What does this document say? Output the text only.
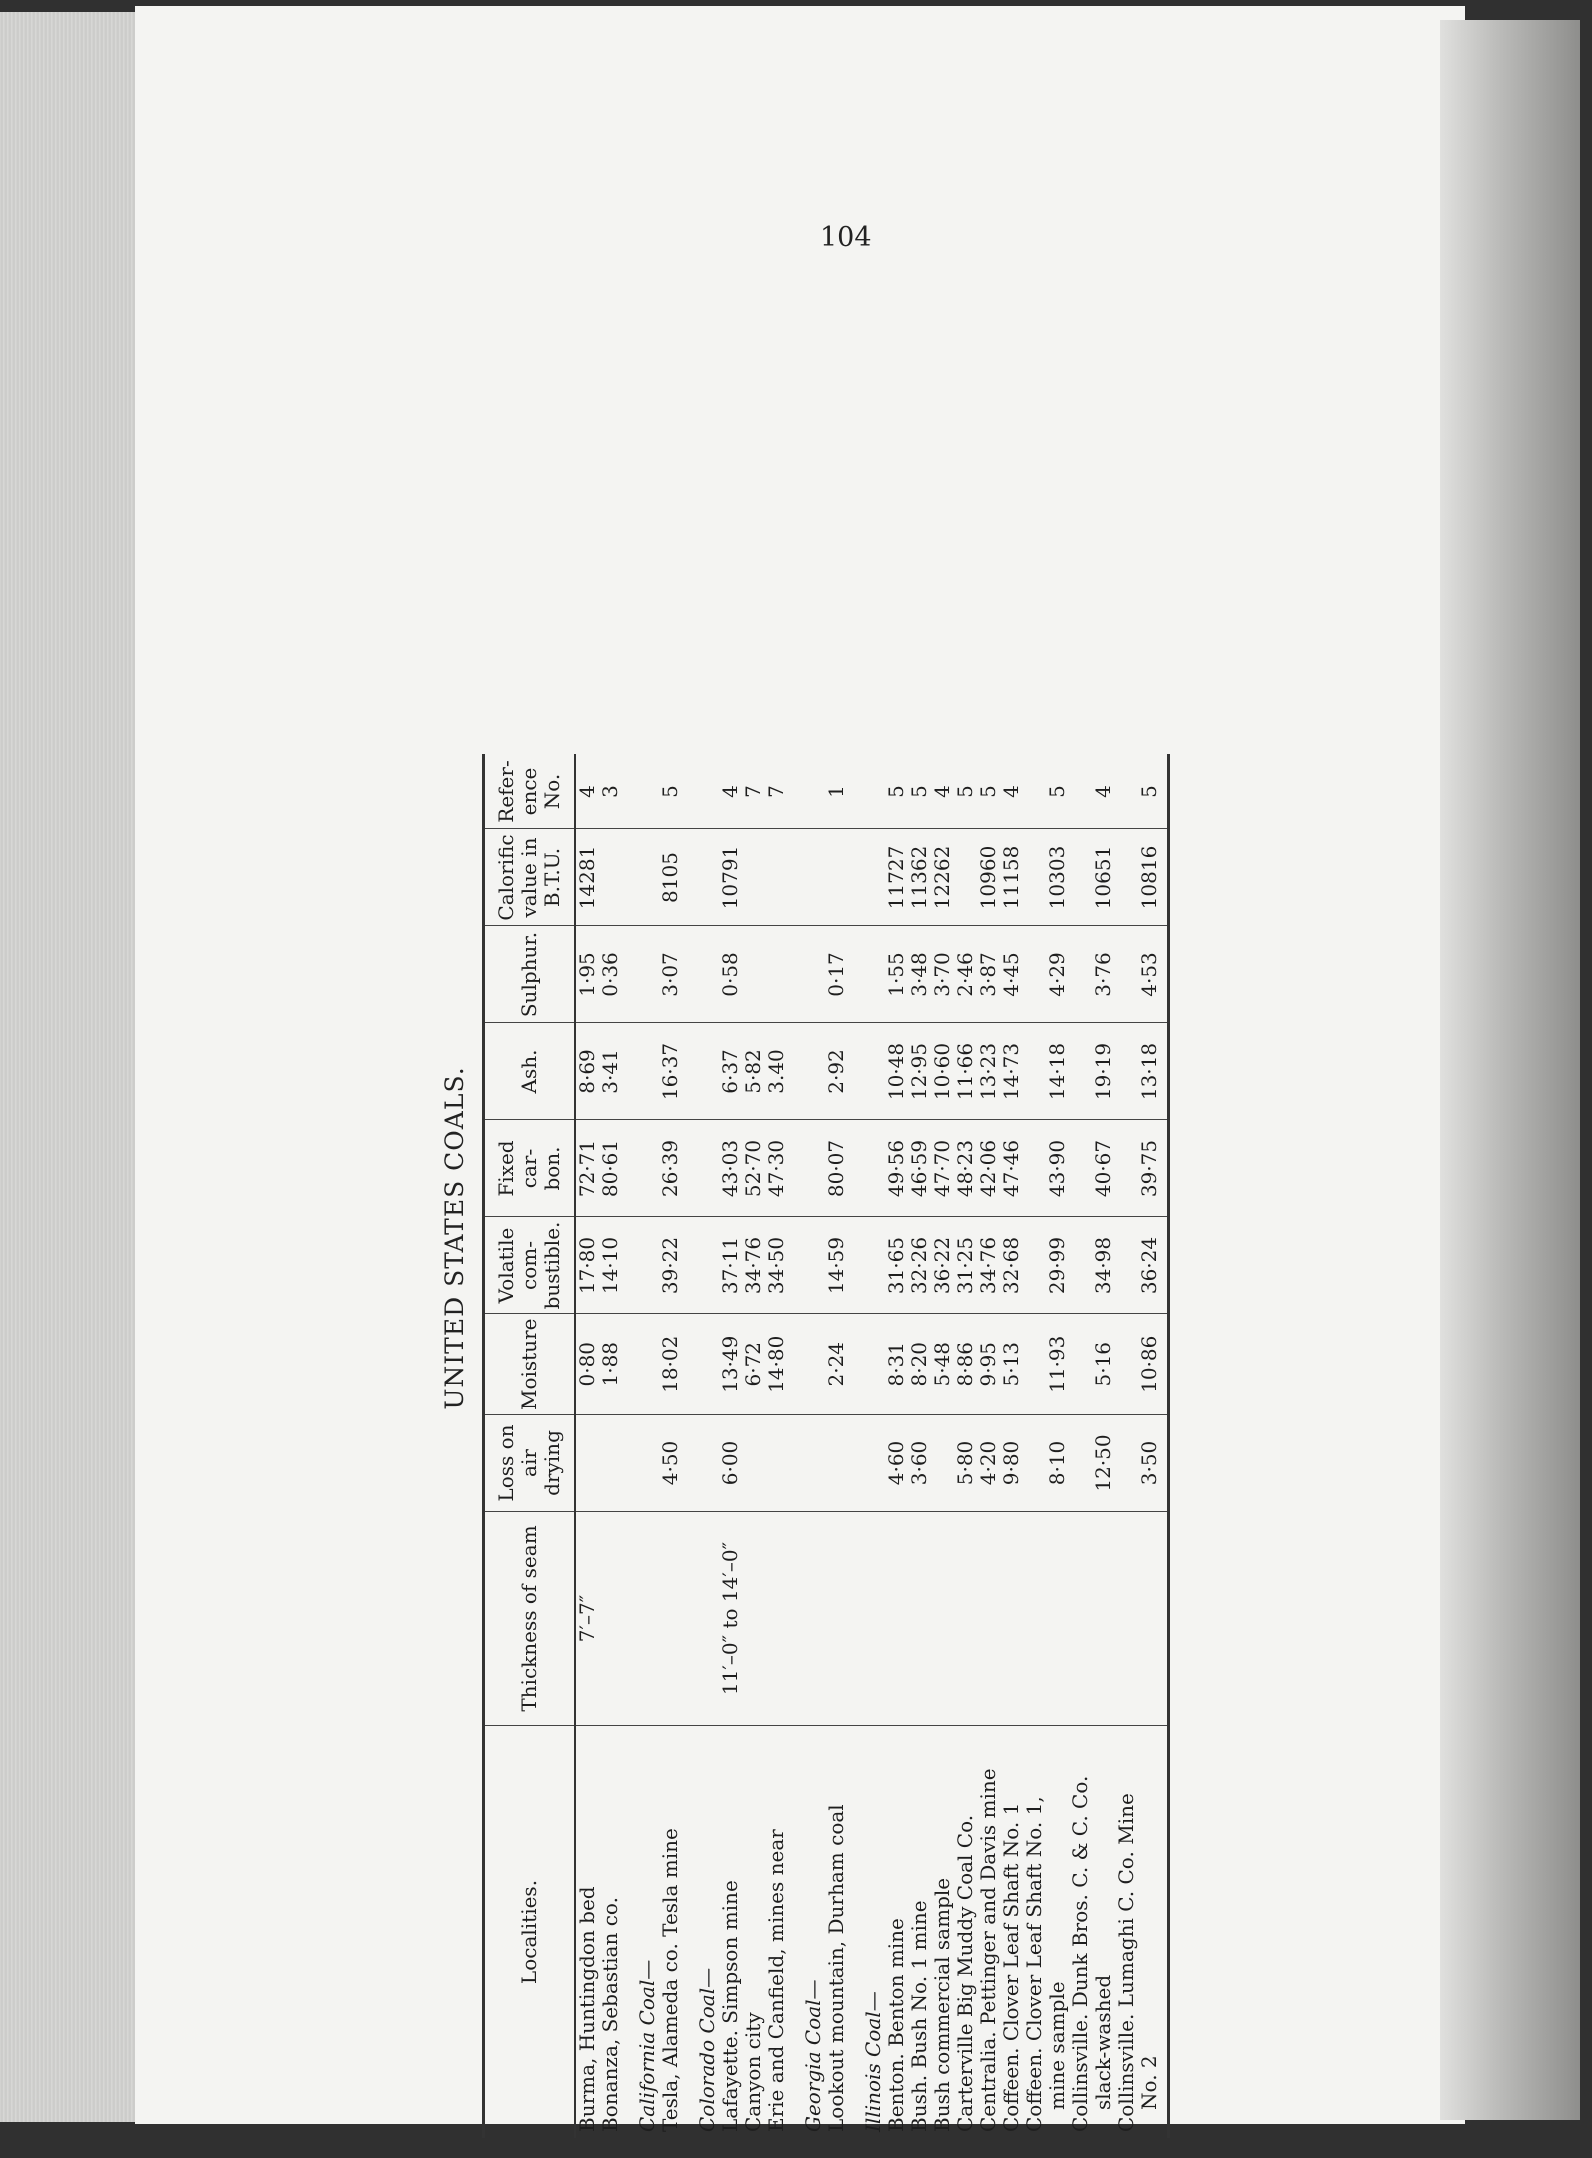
104
UNITED STATES COALS.
Localities.	Thickness of seam	Loss on air drying	Moisture	Volatile com- bustible.	Fixed car- bon.	Ash.	Sulphur.	Calorific value in B.T.U.	Refer- ence No.
Burma, Huntingdon bed	7′–7″		0·80	17·80	72·71	8·69	1·95	14281	4
Bonanza, Sebastian co.			1·88	14·10	80·61	3·41	0·36		3

California Coal—									
Tesla, Alameda co. Tesla mine		4·50	18·02	39·22	26·39	16·37	3·07	8105	5

Colorado Coal—									
Lafayette. Simpson mine	11′–0″ to 14′–0″	6·00	13·49	37·11	43·03	6·37	0·58	10791	4
Canyon city			6·72	34·76	52·70	5·82			7
Erie and Canfield, mines near			14·80	34·50	47·30	3.40			7

Georgia Coal—									
Lookout mountain, Durham coal			2·24	14·59	80·07	2·92	0·17		1

Illinois Coal—									
Benton. Benton mine		4·60	8·31	31·65	49·56	10·48	1·55	11727	5
Bush. Bush No. 1 mine		3·60	8·20	32·26	46·59	12·95	3·48	11362	5
Bush commercial sample			5·48	36·22	47·70	10·60	3·70	12262	4
Carterville Big Muddy Coal Co.		5·80	8·86	31·25	48·23	11·66	2·46		5
Centralia. Pettinger and Davis mine		4·20	9·95	34·76	42·06	13·23	3·87	10960	5
Coffeen. Clover Leaf Shaft No. 1		9·80	5·13	32·68	47·46	14·73	4·45	11158	4
Coffeen. Clover Leaf Shaft No. 1,
mine sample		8·10	11·93	29·99	43·90	14·18	4·29	10303	5
Collinsville. Dunk Bros. C. & C. Co.
slack-washed		12·50	5·16	34·98	40·67	19·19	3·76	10651	4
Collinsville. Lumaghi C. Co. Mine
No. 2		3·50	10·86	36·24	39·75	13·18	4·53	10816	5
